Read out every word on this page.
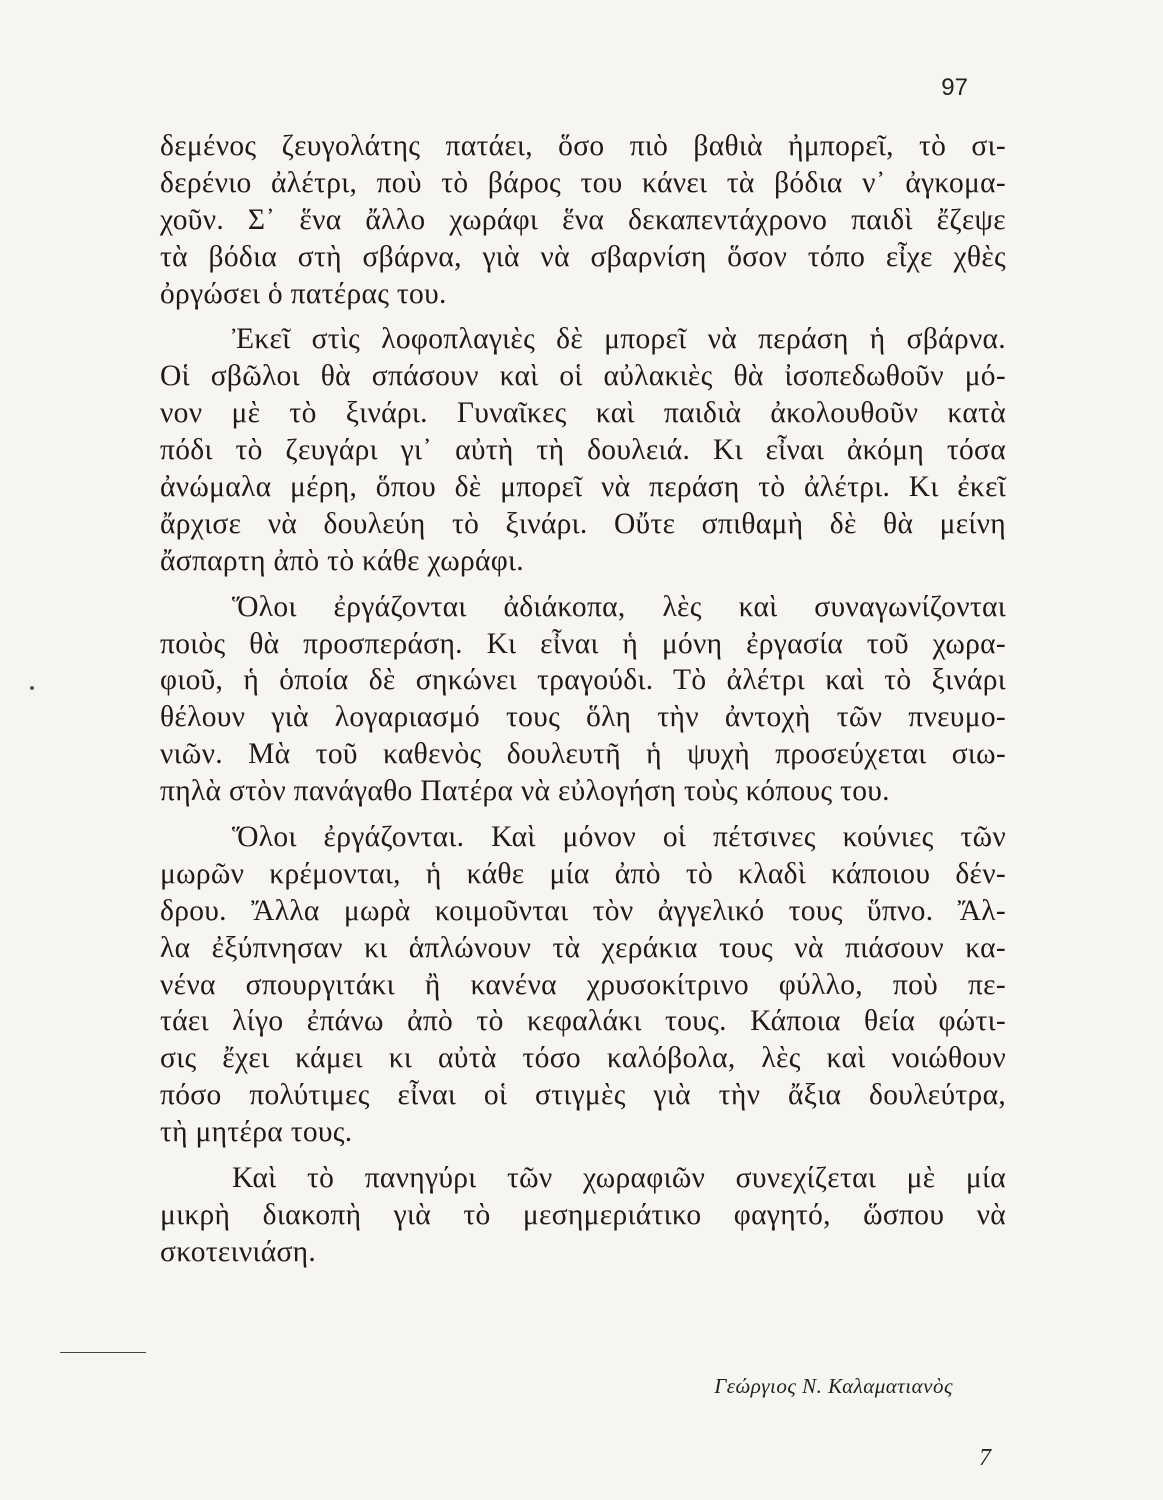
97
δεμένος ζευγολάτης πατάει, ὅσο πιὸ βαθιὰ ἠμπορεῖ, τὸ σι-
δερένιο ἀλέτρι, ποὺ τὸ βάρος του κάνει τὰ βόδια ν᾽ ἀγκομα-
χοῦν. Σ᾽ ἕνα ἄλλο χωράφι ἕνα δεκαπεντάχρονο παιδὶ ἔζεψε
τὰ βόδια στὴ σβάρνα, γιὰ νὰ σβαρνίση ὅσον τόπο εἶχε χθὲς
ὀργώσει ὁ πατέρας του.
Ἐκεῖ στὶς λοφοπλαγιὲς δὲ μπορεῖ νὰ περάση ἡ σβάρνα.
Οἱ σβῶλοι θὰ σπάσουν καὶ οἱ αὐλακιὲς θὰ ἰσοπεδωθοῦν μό-
νον μὲ τὸ ξινάρι. Γυναῖκες καὶ παιδιὰ ἀκολουθοῦν κατὰ
πόδι τὸ ζευγάρι γι᾽ αὐτὴ τὴ δουλειά. Κι εἶναι ἀκόμη τόσα
ἀνώμαλα μέρη, ὅπου δὲ μπορεῖ νὰ περάση τὸ ἀλέτρι. Κι ἐκεῖ
ἄρχισε νὰ δουλεύη τὸ ξινάρι. Οὔτε σπιθαμὴ δὲ θὰ μείνη
ἄσπαρτη ἀπὸ τὸ κάθε χωράφι.
Ὅλοι ἐργάζονται ἀδιάκοπα, λὲς καὶ συναγωνίζονται
ποιὸς θὰ προσπεράση. Κι εἶναι ἡ μόνη ἐργασία τοῦ χωρα-
φιοῦ, ἡ ὁποία δὲ σηκώνει τραγούδι. Τὸ ἀλέτρι καὶ τὸ ξινάρι
θέλουν γιὰ λογαριασμό τους ὅλη τὴν ἀντοχὴ τῶν πνευμο-
νιῶν. Μὰ τοῦ καθενὸς δουλευτῆ ἡ ψυχὴ προσεύχεται σιω-
πηλὰ στὸν πανάγαθο Πατέρα νὰ εὐλογήση τοὺς κόπους του.
Ὅλοι ἐργάζονται. Καὶ μόνον οἱ πέτσινες κούνιες τῶν
μωρῶν κρέμονται, ἡ κάθε μία ἀπὸ τὸ κλαδὶ κάποιου δέν-
δρου. Ἄλλα μωρὰ κοιμοῦνται τὸν ἀγγελικό τους ὕπνο. Ἄλ-
λα ἐξύπνησαν κι ἁπλώνουν τὰ χεράκια τους νὰ πιάσουν κα-
νένα σπουργιτάκι ἢ κανένα χρυσοκίτρινο φύλλο, ποὺ πε-
τάει λίγο ἐπάνω ἀπὸ τὸ κεφαλάκι τους. Κάποια θεία φώτι-
σις ἔχει κάμει κι αὐτὰ τόσο καλόβολα, λὲς καὶ νοιώθουν
πόσο πολύτιμες εἶναι οἱ στιγμὲς γιὰ τὴν ἄξια δουλεύτρα,
τὴ μητέρα τους.
Καὶ τὸ πανηγύρι τῶν χωραφιῶν συνεχίζεται μὲ μία
μικρὴ διακοπὴ γιὰ τὸ μεσημεριάτικο φαγητό, ὥσπου νὰ
σκοτεινιάση.
Γεώργιος Ν. Καλαματιανὸς
7
